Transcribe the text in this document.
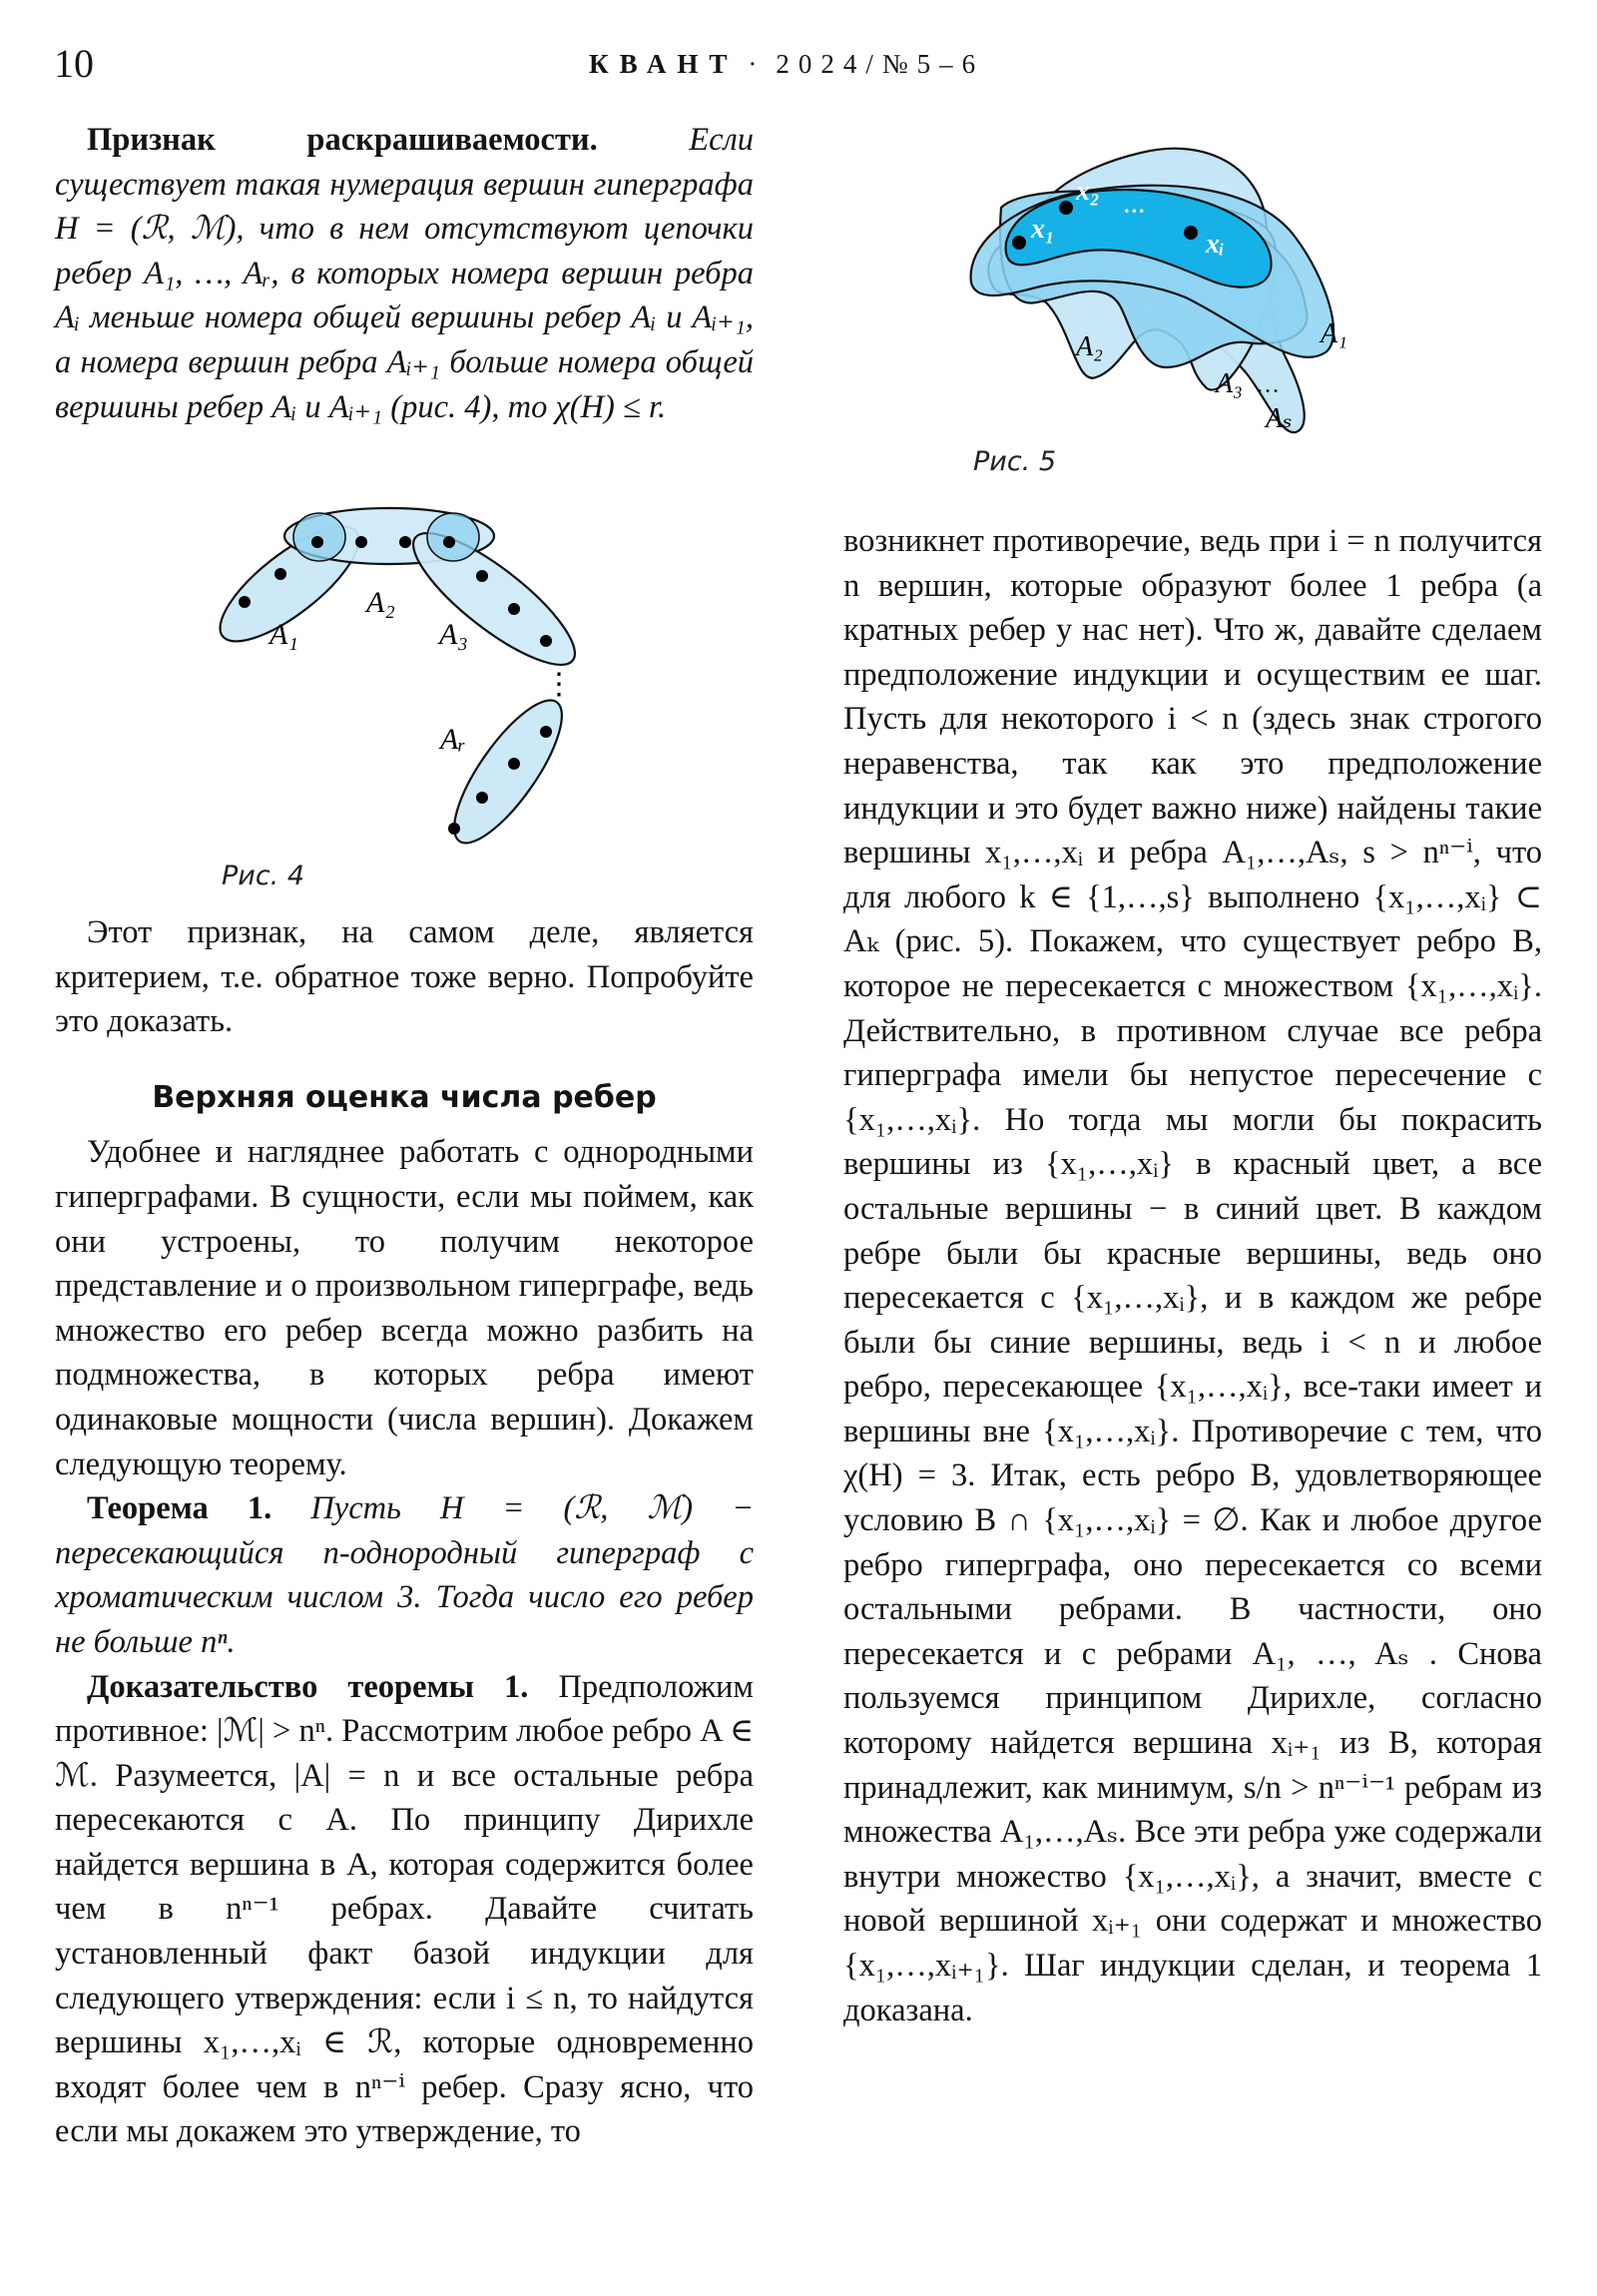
10	КВАНТ · 2024/№5–6

Признак раскрашиваемости.	Если существует такая нумерация вершин гиперграфа H = (ℛ, ℳ), что в нем отсутствуют цепочки ребер A₁, …, Aᵣ, в которых номера вершин ребра Aᵢ меньше номера общей вершины ребер Aᵢ и Aᵢ₊₁, а номера вершин ребра Aᵢ₊₁ больше номера общей вершины ребер Aᵢ и Aᵢ₊₁ (рис. 4), то χ(H) ≤ r.

A₁
A₂
A₃
Aᵣ
⋮
Рис. 4
x₁
x₂ …
xᵢ
A₁
A₂
A₃ …
Aₛ
Рис. 5

Этот признак, на самом деле, является критерием, т.е. обратное тоже верно. Попробуйте это доказать.

Верхняя оценка числа ребер

Удобнее и нагляднее работать с однородными гиперграфами. В сущности, если мы поймем, как они устроены, то получим некоторое представление и о произвольном гиперграфе, ведь множество его ребер всегда можно разбить на подмножества, в которых ребра имеют одинаковые мощности (числа вершин). Докажем следующую теорему.

Теорема 1. Пусть H = (ℛ, ℳ) − пересекающийся n-однородный гиперграф с хроматическим числом 3. Тогда число его ребер не больше nⁿ.

Доказательство теоремы 1. Предположим противное: |ℳ| > nⁿ. Рассмотрим любое ребро A ∈ ℳ. Разумеется, |A| = n и все остальные ребра пересекаются с A. По принципу Дирихле найдется вершина в A, которая содержится более чем в nⁿ⁻¹ ребрах. Давайте считать установленный факт базой индукции для следующего утверждения: если i ≤ n, то найдутся вершины x₁,…,xᵢ ∈ ℛ, которые одновременно входят более чем в nⁿ⁻ⁱ ребер. Сразу ясно, что если мы докажем это утверждение, то

возникнет противоречие, ведь при i = n получится n вершин, которые образуют более 1 ребра (а кратных ребер у нас нет). Что ж, давайте сделаем предположение индукции и осуществим ее шаг. Пусть для некоторого i < n (здесь знак строгого неравенства, так как это предположение индукции и это будет важно ниже) найдены такие вершины x₁,…,xᵢ и ребра A₁,…,Aₛ, s > nⁿ⁻ⁱ, что для любого k ∈ {1,…,s} выполнено {x₁,…,xᵢ} ⊂ Aₖ (рис. 5). Покажем, что существует ребро B, которое не пересекается с множеством {x₁,…,xᵢ}. Действительно, в противном случае все ребра гиперграфа имели бы непустое пересечение с {x₁,…,xᵢ}. Но тогда мы могли бы покрасить вершины из {x₁,…,xᵢ} в красный цвет, а все остальные вершины − в синий цвет. В каждом ребре были бы красные вершины, ведь оно пересекается с {x₁,…,xᵢ}, и в каждом же ребре были бы синие вершины, ведь i < n и любое ребро, пересекающее {x₁,…,xᵢ}, все-таки имеет и вершины вне {x₁,…,xᵢ}. Противоречие с тем, что χ(H) = 3. Итак, есть ребро B, удовлетворяющее условию B ∩ {x₁,…,xᵢ} = ∅. Как и любое другое ребро гиперграфа, оно пересекается со всеми остальными ребрами. В частности, оно пересекается и с ребрами A₁, …, Aₛ . Снова пользуемся принципом Дирихле, согласно которому найдется вершина xᵢ₊₁ из B, которая принадлежит, как минимум, s/n > nⁿ⁻ⁱ⁻¹ ребрам из множества A₁,…,Aₛ. Все эти ребра уже содержали внутри множество {x₁,…,xᵢ}, а значит, вместе с новой вершиной xᵢ₊₁ они содержат и множество {x₁,…,xᵢ₊₁}. Шаг индукции сделан, и теорема 1 доказана.
